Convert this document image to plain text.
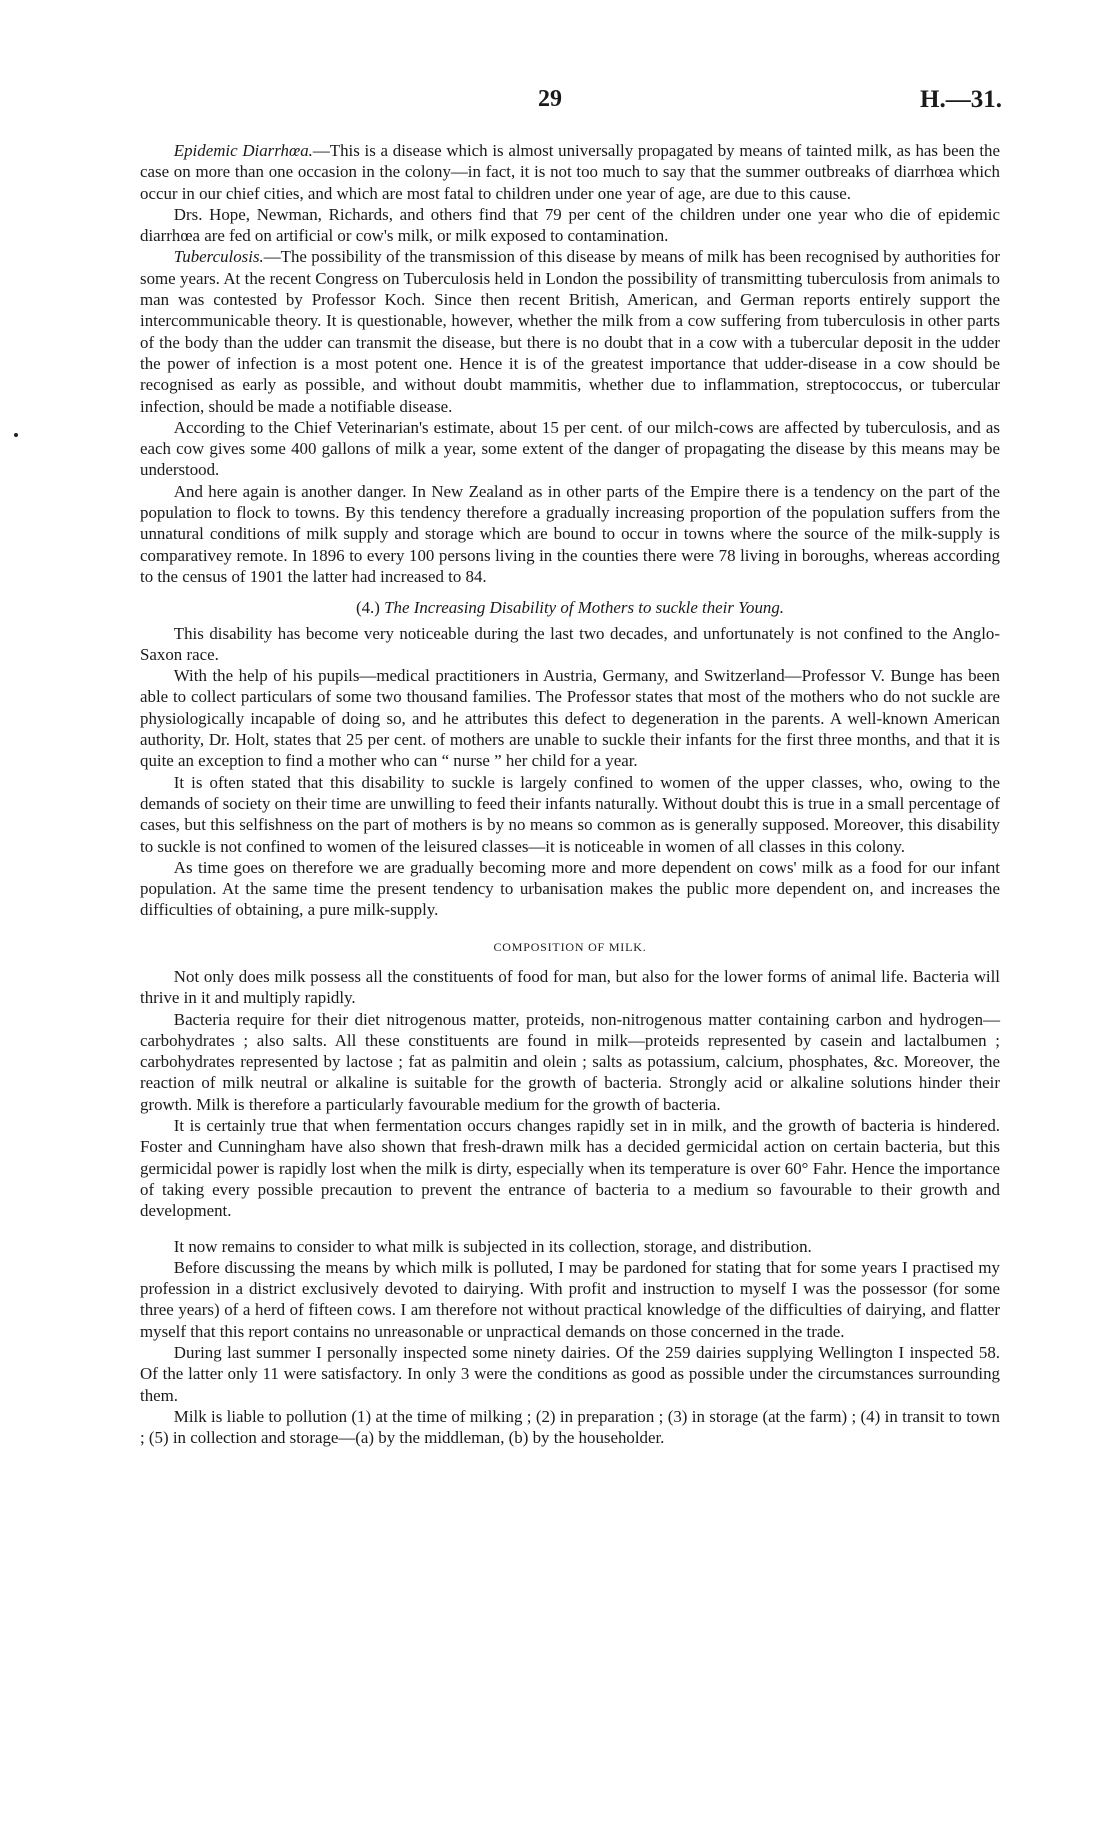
29	H.—31.

Epidemic Diarrhœa.—This is a disease which is almost universally propagated by means of tainted milk, as has been the case on more than one occasion in the colony—in fact, it is not too much to say that the summer outbreaks of diarrhœa which occur in our chief cities, and which are most fatal to children under one year of age, are due to this cause.

Drs. Hope, Newman, Richards, and others find that 79 per cent of the children under one year who die of epidemic diarrhœa are fed on artificial or cow's milk, or milk exposed to contamination.

Tuberculosis.—The possibility of the transmission of this disease by means of milk has been recognised by authorities for some years. At the recent Congress on Tuberculosis held in London the possibility of transmitting tuberculosis from animals to man was contested by Professor Koch. Since then recent British, American, and German reports entirely support the intercommunicable theory. It is questionable, however, whether the milk from a cow suffering from tuberculosis in other parts of the body than the udder can transmit the disease, but there is no doubt that in a cow with a tubercular deposit in the udder the power of infection is a most potent one. Hence it is of the greatest importance that udder-disease in a cow should be recognised as early as possible, and without doubt mammitis, whether due to inflammation, streptococcus, or tubercular infection, should be made a notifiable disease.

According to the Chief Veterinarian's estimate, about 15 per cent. of our milch-cows are affected by tuberculosis, and as each cow gives some 400 gallons of milk a year, some extent of the danger of propagating the disease by this means may be understood.

And here again is another danger. In New Zealand as in other parts of the Empire there is a tendency on the part of the population to flock to towns. By this tendency therefore a gradually increasing proportion of the population suffers from the unnatural conditions of milk supply and storage which are bound to occur in towns where the source of the milk-supply is comparativey remote. In 1896 to every 100 persons living in the counties there were 78 living in boroughs, whereas according to the census of 1901 the latter had increased to 84.

(4.) The Increasing Disability of Mothers to suckle their Young.

This disability has become very noticeable during the last two decades, and unfortunately is not confined to the Anglo-Saxon race.

With the help of his pupils—medical practitioners in Austria, Germany, and Switzerland—Professor V. Bunge has been able to collect particulars of some two thousand families. The Professor states that most of the mothers who do not suckle are physiologically incapable of doing so, and he attributes this defect to degeneration in the parents. A well-known American authority, Dr. Holt, states that 25 per cent. of mothers are unable to suckle their infants for the first three months, and that it is quite an exception to find a mother who can “ nurse ” her child for a year.

It is often stated that this disability to suckle is largely confined to women of the upper classes, who, owing to the demands of society on their time are unwilling to feed their infants naturally. Without doubt this is true in a small percentage of cases, but this selfishness on the part of mothers is by no means so common as is generally supposed. Moreover, this disability to suckle is not confined to women of the leisured classes—it is noticeable in women of all classes in this colony.

As time goes on therefore we are gradually becoming more and more dependent on cows' milk as a food for our infant population. At the same time the present tendency to urbanisation makes the public more dependent on, and increases the difficulties of obtaining, a pure milk-supply.

COMPOSITION OF MILK.

Not only does milk possess all the constituents of food for man, but also for the lower forms of animal life. Bacteria will thrive in it and multiply rapidly.

Bacteria require for their diet nitrogenous matter, proteids, non-nitrogenous matter containing carbon and hydrogen—carbohydrates ; also salts. All these constituents are found in milk—proteids represented by casein and lactalbumen ; carbohydrates represented by lactose ; fat as palmitin and olein ; salts as potassium, calcium, phosphates, &c. Moreover, the reaction of milk neutral or alkaline is suitable for the growth of bacteria. Strongly acid or alkaline solutions hinder their growth. Milk is therefore a particularly favourable medium for the growth of bacteria.

It is certainly true that when fermentation occurs changes rapidly set in in milk, and the growth of bacteria is hindered. Foster and Cunningham have also shown that fresh-drawn milk has a decided germicidal action on certain bacteria, but this germicidal power is rapidly lost when the milk is dirty, especially when its temperature is over 60° Fahr. Hence the importance of taking every possible precaution to prevent the entrance of bacteria to a medium so favourable to their growth and development.

It now remains to consider to what milk is subjected in its collection, storage, and distribution.

Before discussing the means by which milk is polluted, I may be pardoned for stating that for some years I practised my profession in a district exclusively devoted to dairying. With profit and instruction to myself I was the possessor (for some three years) of a herd of fifteen cows. I am therefore not without practical knowledge of the difficulties of dairying, and flatter myself that this report contains no unreasonable or unpractical demands on those concerned in the trade.

During last summer I personally inspected some ninety dairies. Of the 259 dairies supplying Wellington I inspected 58. Of the latter only 11 were satisfactory. In only 3 were the conditions as good as possible under the circumstances surrounding them.

Milk is liable to pollution (1) at the time of milking ; (2) in preparation ; (3) in storage (at the farm) ; (4) in transit to town ; (5) in collection and storage—(a) by the middleman, (b) by the householder.
